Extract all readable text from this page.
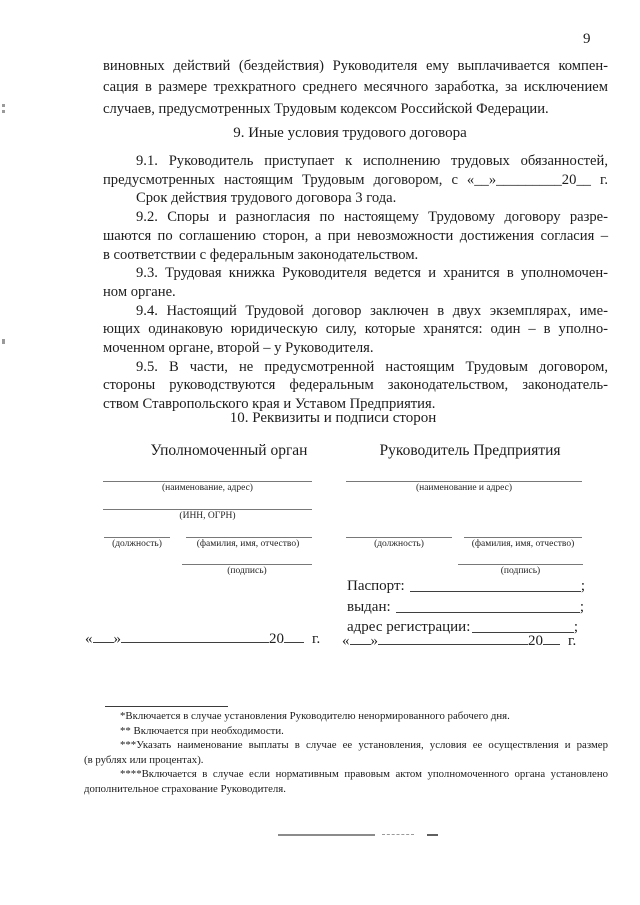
9
виновных действий (бездействия) Руководителя ему выплачивается компен-
сация в размере трехкратного среднего месячного заработка, за исключением
случаев, предусмотренных Трудовым кодексом Российской Федерации.
9. Иные условия трудового договора
9.1. Руководитель приступает к исполнению трудовых обязанностей,
предусмотренных настоящим Трудовым договором, с «__»_________20__ г.
Срок действия трудового договора 3 года.
9.2. Споры и разногласия по настоящему Трудовому договору разре-
шаются по соглашению сторон, а при невозможности достижения согласия –
в соответствии с федеральным законодательством.
9.3. Трудовая книжка Руководителя ведется и хранится в уполномочен-
ном органе.
9.4. Настоящий Трудовой договор заключен в двух экземплярах, име-
ющих одинаковую юридическую силу, которые хранятся: один – в уполно-
моченном органе, второй – у Руководителя.
9.5. В части, не предусмотренной настоящим Трудовым договором,
стороны руководствуются федеральным законодательством, законодатель-
ством Ставропольского края и Уставом Предприятия.
10. Реквизиты и подписи сторон
Уполномоченный орган	Руководитель Предприятия
(наименование, адрес)
(ИНН, ОГРН)
(должность)	(фамилия, имя, отчество)
(подпись)
« »	20 г.
(наименование и адрес)
(должность)	(фамилия, имя, отчество)
(подпись)
Паспорт:	;
выдан:	;
адрес регистрации:	;
« »	20 г.
*Включается в случае установления Руководителю ненормированного рабочего дня.
** Включается при необходимости.
***Указать наименование выплаты в случае ее установления, условия ее осуществления и размер
(в рублях или процентах).
****Включается в случае если нормативным правовым актом уполномоченного органа установлено
дополнительное страхование Руководителя.
